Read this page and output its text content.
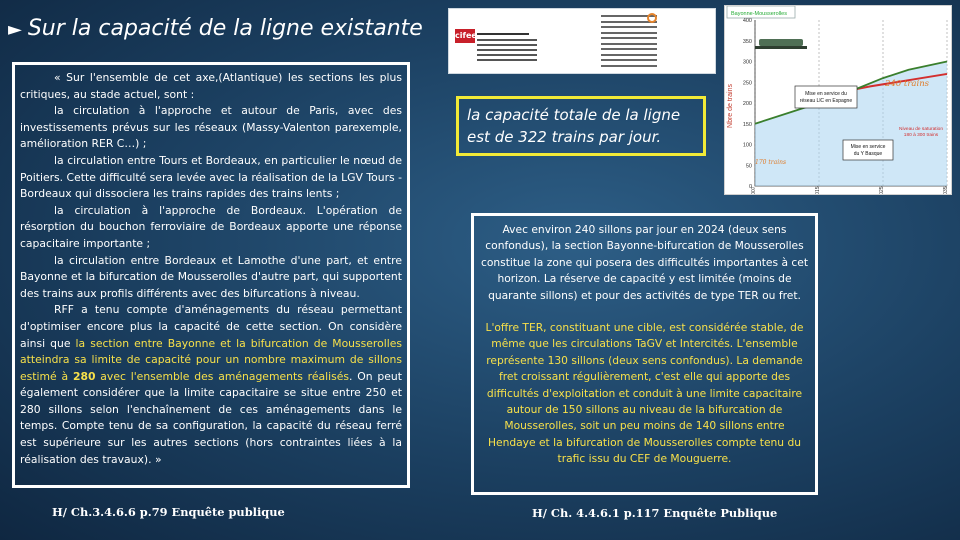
► Sur la capacité de la ligne existante

« Sur l'ensemble de cet axe,(Atlantique) les sections les plus critiques, au stade actuel, sont :

la circulation à l'approche et autour de Paris, avec des investissements prévus sur les réseaux (Massy-Valenton parexemple, amélioration RER C…) ;

la circulation entre Tours et Bordeaux, en particulier le nœud de Poitiers. Cette difficulté sera levée avec la réalisation de la LGV Tours - Bordeaux qui dissociera les trains rapides des trains lents ;

la circulation à l'approche de Bordeaux. L'opération de résorption du bouchon ferroviaire de Bordeaux apporte une réponse capacitaire importante ;

la circulation entre Bordeaux et Lamothe d'une part, et entre Bayonne et la bifurcation de Mousserolles d'autre part, qui supportent des trains aux profils différents avec des bifurcations à niveau.

RFF a tenu compte d'aménagements du réseau permettant d'optimiser encore plus la capacité de cette section. On considère ainsi que la section entre Bayonne et la bifurcation de Mousserolles atteindra sa limite de capacité pour un nombre maximum de sillons estimé à 280 avec l'ensemble des aménagements réalisés. On peut également considérer que la limite capacitaire se situe entre 250 et 280 sillons selon l'enchaînement de ces aménagements dans le temps. Compte tenu de sa configuration, la capacité du réseau ferré est supérieure sur les autres sections (hors contraintes liées à la réalisation des travaux). »

H/ Ch.3.4.6.6 p.79 Enquête publique
cifee
la capacité totale de la ligne est de 322 trains par jour.
Bayonne-Mousserolles
Nbre de trains
0
50
100
150
200
250
300
350
400
2007	2015	2025	2035
Mise en service du réseau LlC en Espagne
Mise en service du Y Basque
Niveau de saturation 180 à 300 trains
240 trains
170 trains

Avec environ 240 sillons par jour en 2024 (deux sens confondus), la section Bayonne-bifurcation de Mousserolles constitue la zone qui posera des difficultés importantes à cet horizon. La réserve de capacité y est limitée (moins de quarante sillons) et pour des activités de type TER ou fret.

L'offre TER, constituant une cible, est considérée stable, de même que les circulations TaGV et Intercités. L'ensemble représente 130 sillons (deux sens confondus). La demande fret croissant régulièrement, c'est elle qui apporte des difficultés d'exploitation et conduit à une limite capacitaire autour de 150 sillons au niveau de la bifurcation de Mousserolles, soit un peu moins de 140 sillons entre Hendaye et la bifurcation de Mousserolles compte tenu du trafic issu du CEF de Mouguerre.

H/ Ch. 4.4.6.1 p.117 Enquête Publique
